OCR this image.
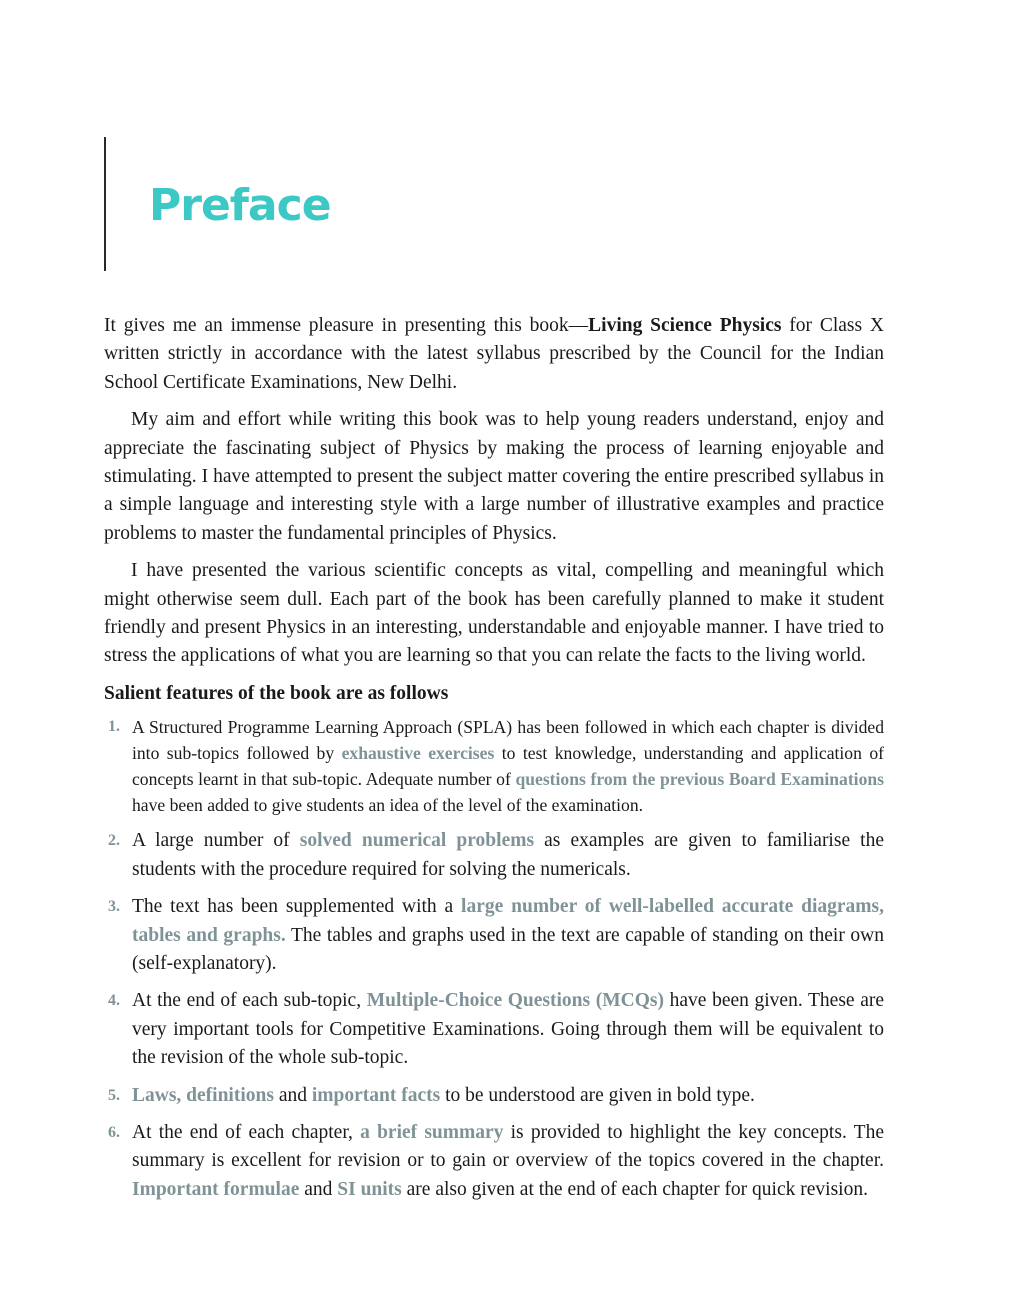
Preface

It gives me an immense pleasure in presenting this book—Living Science Physics for Class X written strictly in accordance with the latest syllabus prescribed by the Council for the Indian School Certificate Examinations, New Delhi.

My aim and effort while writing this book was to help young readers understand, enjoy and appreciate the fascinating subject of Physics by making the process of learning enjoyable and stimulating. I have attempted to present the subject matter covering the entire prescribed syllabus in a simple language and interesting style with a large number of illustrative examples and practice problems to master the fundamental principles of Physics.

I have presented the various scientific concepts as vital, compelling and meaningful which might otherwise seem dull. Each part of the book has been carefully planned to make it student friendly and present Physics in an interesting, understandable and enjoyable manner. I have tried to stress the applications of what you are learning so that you can relate the facts to the living world.

Salient features of the book are as follows
1. A Structured Programme Learning Approach (SPLA) has been followed in which each chapter is divided into sub-topics followed by exhaustive exercises to test knowledge, understanding and application of concepts learnt in that sub-topic. Adequate number of questions from the previous Board Examinations have been added to give students an idea of the level of the examination.
2. A large number of solved numerical problems as examples are given to familiarise the students with the procedure required for solving the numericals.
3. The text has been supplemented with a large number of well-labelled accurate diagrams, tables and graphs. The tables and graphs used in the text are capable of standing on their own (self-explanatory).
4. At the end of each sub-topic, Multiple-Choice Questions (MCQs) have been given. These are very important tools for Competitive Examinations. Going through them will be equivalent to the revision of the whole sub-topic.
5. Laws, definitions and important facts to be understood are given in bold type.
6. At the end of each chapter, a brief summary is provided to highlight the key concepts. The summary is excellent for revision or to gain or overview of the topics covered in the chapter. Important formulae and SI units are also given at the end of each chapter for quick revision.
